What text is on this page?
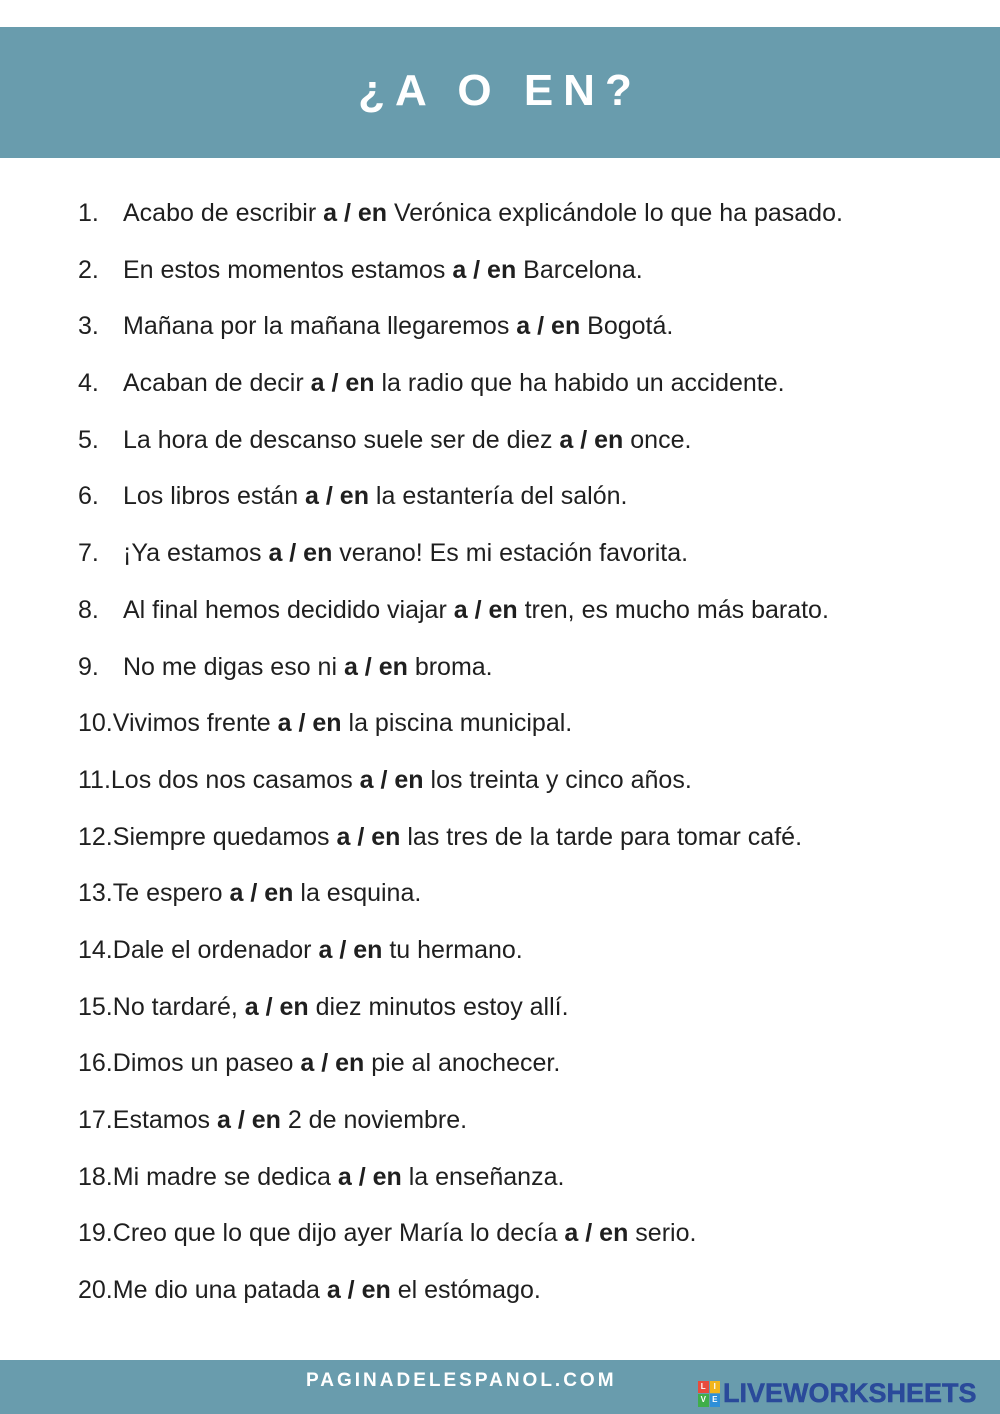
¿A O EN?
1. Acabo de escribir a / en Verónica explicándole lo que ha pasado.
2. En estos momentos estamos a / en Barcelona.
3. Mañana por la mañana llegaremos a / en Bogotá.
4. Acaban de decir a / en la radio que ha habido un accidente.
5. La hora de descanso suele ser de diez a / en once.
6. Los libros están a / en la estantería del salón.
7. ¡Ya estamos a / en verano! Es mi estación favorita.
8. Al final hemos decidido viajar a / en tren, es mucho más barato.
9. No me digas eso ni a / en broma.
10. Vivimos frente a / en la piscina municipal.
11. Los dos nos casamos a / en los treinta y cinco años.
12. Siempre quedamos a / en las tres de la tarde para tomar café.
13. Te espero a / en la esquina.
14. Dale el ordenador a / en tu hermano.
15. No tardaré, a / en diez minutos estoy allí.
16. Dimos un paseo a / en pie al anochecer.
17. Estamos a / en 2 de noviembre.
18. Mi madre se dedica a / en la enseñanza.
19. Creo que lo que dijo ayer María lo decía a / en serio.
20. Me dio una patada a / en el estómago.
PAGINADELESPANOL.COM	L I
V E LIVEWORKSHEETS
